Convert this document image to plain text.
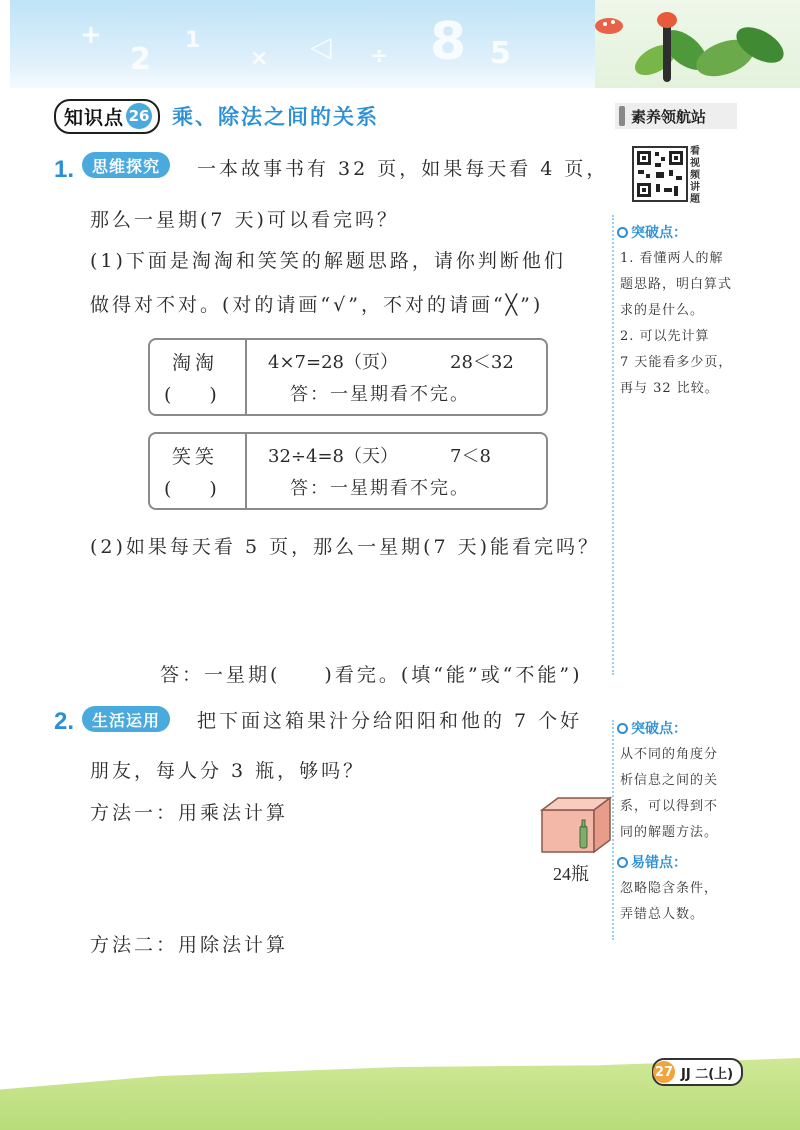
+
2
1
× ◁ ÷ 8 5
知识点 26 乘、除法之间的关系	素养领航站
看视频讲题
1.	思维探究	一本故事书有 32 页，如果每天看 4 页，
那么一星期(7 天)可以看完吗？
(1)下面是淘淘和笑笑的解题思路，请你判断他们
做得对不对。(对的请画“√”，不对的请画“╳”)
淘淘
(　　)
4×7=28（页）	28＜32
答：一星期看不完。
笑笑
(　　)
32÷4=8（天）	7＜8
答：一星期看不完。
(2)如果每天看 5 页，那么一星期(7 天)能看完吗？
答：一星期(　　)看完。(填“能”或“不能”)
突破点：
1. 看懂两人的解
题思路，明白算式
求的是什么。
2. 可以先计算
7 天能看多少页，
再与 32 比较。
2.	生活运用	把下面这箱果汁分给阳阳和他的 7 个好
朋友，每人分 3 瓶，够吗？
方法一：用乘法计算
方法二：用除法计算
24瓶
突破点：
从不同的角度分
析信息之间的关
系，可以得到不
同的解题方法。
易错点：
忽略隐含条件，
弄错总人数。
27 JJ 二(上)
